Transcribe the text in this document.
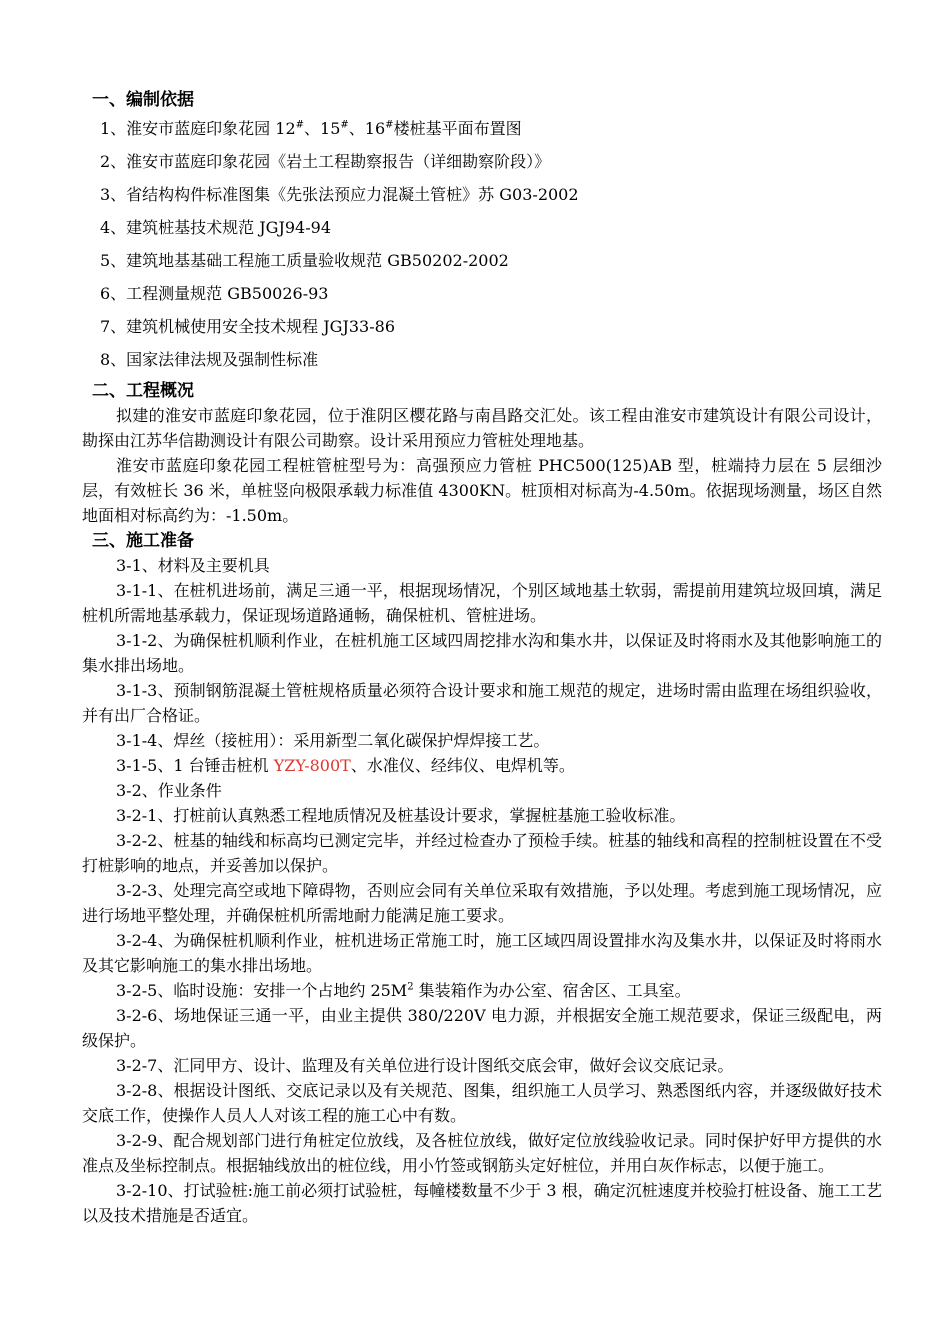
一、编制依据
1、淮安市蓝庭印象花园 12#、15#、16#楼桩基平面布置图
2、淮安市蓝庭印象花园《岩土工程勘察报告（详细勘察阶段）》
3、省结构构件标准图集《先张法预应力混凝土管桩》苏 G03-2002
4、建筑桩基技术规范 JGJ94-94
5、建筑地基基础工程施工质量验收规范 GB50202-2002
6、工程测量规范 GB50026-93
7、建筑机械使用安全技术规程 JGJ33-86
8、国家法律法规及强制性标准
二、工程概况

拟建的淮安市蓝庭印象花园，位于淮阴区樱花路与南昌路交汇处。该工程由淮安市建筑设计有限公司设计，勘探由江苏华信勘测设计有限公司勘察。设计采用预应力管桩处理地基。

淮安市蓝庭印象花园工程桩管桩型号为：高强预应力管桩 PHC500(125)AB 型，桩端持力层在 5 层细沙层，有效桩长 36 米，单桩竖向极限承载力标准值 4300KN。桩顶相对标高为-4.50m。依据现场测量，场区自然地面相对标高约为：-1.50m。

三、施工准备

3-1、材料及主要机具

3-1-1、在桩机进场前，满足三通一平，根据现场情况，个别区域地基土软弱，需提前用建筑垃圾回填，满足桩机所需地基承载力，保证现场道路通畅，确保桩机、管桩进场。

3-1-2、为确保桩机顺利作业，在桩机施工区域四周挖排水沟和集水井，以保证及时将雨水及其他影响施工的集水排出场地。

3-1-3、预制钢筋混凝土管桩规格质量必须符合设计要求和施工规范的规定，进场时需由监理在场组织验收，并有出厂合格证。

3-1-4、焊丝（接桩用）：采用新型二氧化碳保护焊焊接工艺。

3-1-5、1 台锤击桩机 YZY-800T、水准仪、经纬仪、电焊机等。

3-2、作业条件

3-2-1、打桩前认真熟悉工程地质情况及桩基设计要求，掌握桩基施工验收标准。

3-2-2、桩基的轴线和标高均已测定完毕，并经过检查办了预检手续。桩基的轴线和高程的控制桩设置在不受打桩影响的地点，并妥善加以保护。

3-2-3、处理完高空或地下障碍物，否则应会同有关单位采取有效措施，予以处理。考虑到施工现场情况，应进行场地平整处理，并确保桩机所需地耐力能满足施工要求。

3-2-4、为确保桩机顺利作业，桩机进场正常施工时，施工区域四周设置排水沟及集水井，以保证及时将雨水及其它影响施工的集水排出场地。

3-2-5、临时设施：安排一个占地约 $25M^2$ 集装箱作为办公室、宿舍区、工具室。

3-2-6、场地保证三通一平，由业主提供 380/220V 电力源，并根据安全施工规范要求，保证三级配电，两级保护。

3-2-7、汇同甲方、设计、监理及有关单位进行设计图纸交底会审，做好会议交底记录。

3-2-8、根据设计图纸、交底记录以及有关规范、图集，组织施工人员学习、熟悉图纸内容，并逐级做好技术交底工作，使操作人员人人对该工程的施工心中有数。

3-2-9、配合规划部门进行角桩定位放线，及各桩位放线，做好定位放线验收记录。同时保护好甲方提供的水准点及坐标控制点。根据轴线放出的桩位线，用小竹签或钢筋头定好桩位，并用白灰作标志，以便于施工。

3-2-10、打试验桩:施工前必须打试验桩，每幢楼数量不少于 3 根，确定沉桩速度并校验打桩设备、施工工艺以及技术措施是否适宜。
